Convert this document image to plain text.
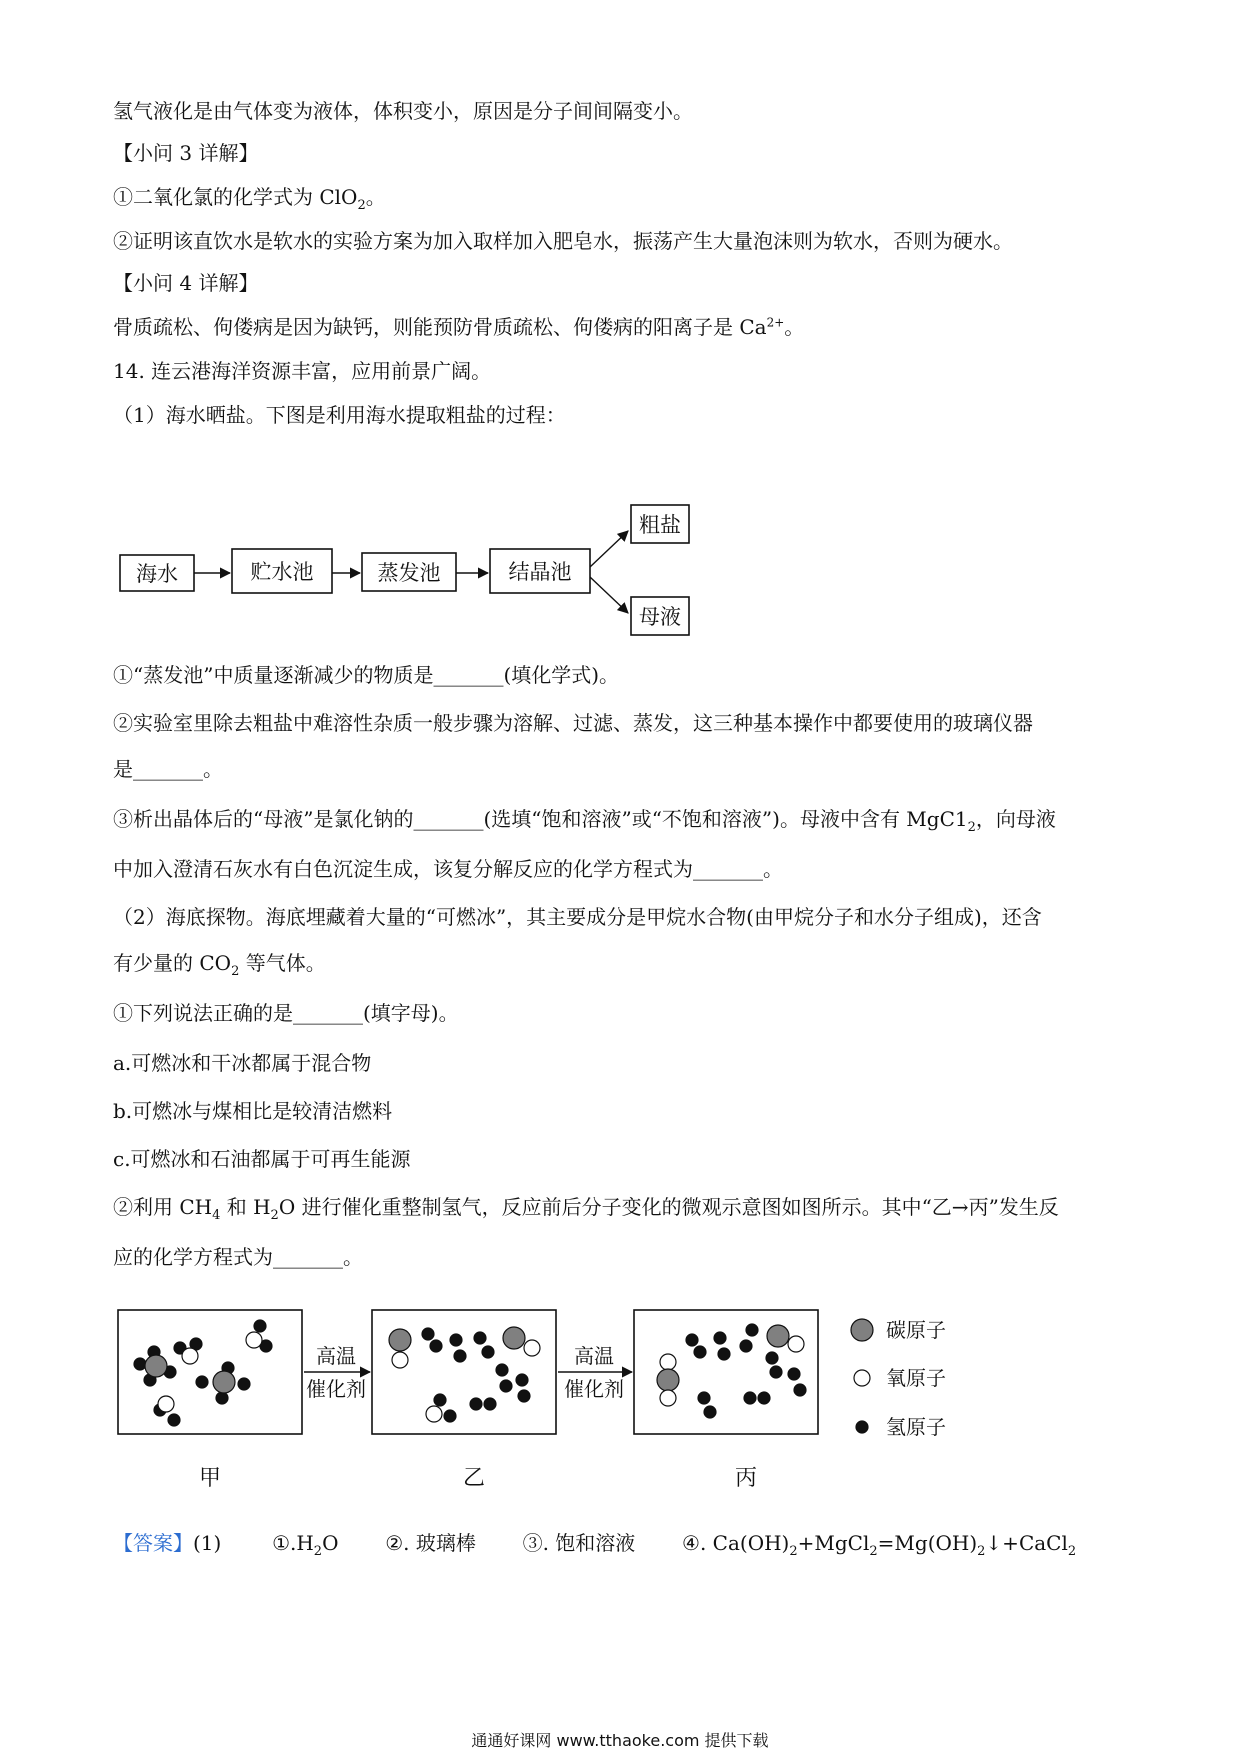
氢气液化是由气体变为液体，体积变小，原因是分子间间隔变小。
【小问 3 详解】
①二氧化氯的化学式为 ClO$_2$。
②证明该直饮水是软水的实验方案为加入取样加入肥皂水，振荡产生大量泡沫则为软水，否则为硬水。
【小问 4 详解】
骨质疏松、佝偻病是因为缺钙，则能预防骨质疏松、佝偻病的阳离子是 $Ca^{2+}$。
14. 连云港海洋资源丰富，应用前景广阔。
（1）海水晒盐。下图是利用海水提取粗盐的过程：
海水	贮水池	蒸发池	结晶池
粗盐
母液
①“蒸发池”中质量逐渐减少的物质是_______(填化学式)。
②实验室里除去粗盐中难溶性杂质一般步骤为溶解、过滤、蒸发，这三种基本操作中都要使用的玻璃仪器
是_______。
③析出晶体后的“母液”是氯化钠的_______(选填“饱和溶液”或“不饱和溶液”)。母液中含有 $MgC1_2$，向母液
中加入澄清石灰水有白色沉淀生成，该复分解反应的化学方程式为_______。
（2）海底探物。海底埋藏着大量的“可燃冰”，其主要成分是甲烷水合物(由甲烷分子和水分子组成)，还含
有少量的 $CO_2$ 等气体。
①下列说法正确的是_______(填字母)。
a.可燃冰和干冰都属于混合物
b.可燃冰与煤相比是较清洁燃料
c.可燃冰和石油都属于可再生能源
②利用 $CH_4$ 和 $H_2O$ 进行催化重整制氢气，反应前后分子变化的微观示意图如图所示。其中“乙→丙”发生反
应的化学方程式为_______。
高温
催化剂
高温
催化剂
碳原子
氧原子
氢原子
甲	乙	丙
【答案】(1)	$①.H_2O$ ②. 玻璃棒 ③. 饱和溶液 ④. $Ca(OH)_2+MgCl_2=Mg(OH)_2↓+CaCl_2$
通通好课网 www.tthaoke.com 提供下载
